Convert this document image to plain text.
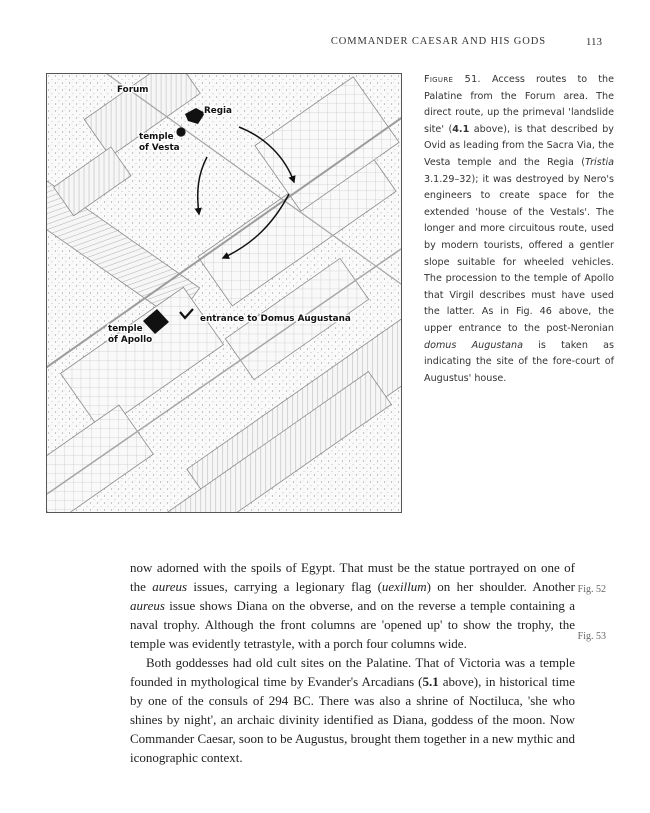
COMMANDER CAESAR AND HIS GODS	113
Forum
Regia
temple
of Vesta
entrance to Domus Augustana
temple
of Apollo

Figure 51. Access routes to the Palatine from the Forum area. The direct route, up the primeval 'landslide site' (4.1 above), is that described by Ovid as leading from the Sacra Via, the Vesta temple and the Regia (Tristia 3.1.29–32); it was destroyed by Nero's engineers to create space for the extended 'house of the Vestals'. The longer and more circuitous route, used by modern tourists, offered a gentler slope suitable for wheeled vehicles. The procession to the temple of Apollo that Virgil describes must have used the latter. As in Fig. 46 above, the upper entrance to the post-Neronian domus Augustana is taken as indicating the site of the fore-court of Augustus' house.

now adorned with the spoils of Egypt. That must be the statue portrayed on one of the aureus issues, carrying a legionary flag (uexillum) on her shoulder. Another aureus issue shows Diana on the obverse, and on the reverse a temple containing a naval trophy. Although the front columns are 'opened up' to show the trophy, the temple was evidently tetrastyle, with a porch four columns wide.

Both goddesses had old cult sites on the Palatine. That of Victoria was a temple founded in mythological time by Evander's Arcadians (5.1 above), in historical time by one of the consuls of 294 BC. There was also a shrine of Noctiluca, 'she who shines by night', an archaic divinity identified as Diana, goddess of the moon. Now Commander Caesar, soon to be Augustus, brought them together in a new mythic and iconographic context.

Fig. 52
Fig. 53
